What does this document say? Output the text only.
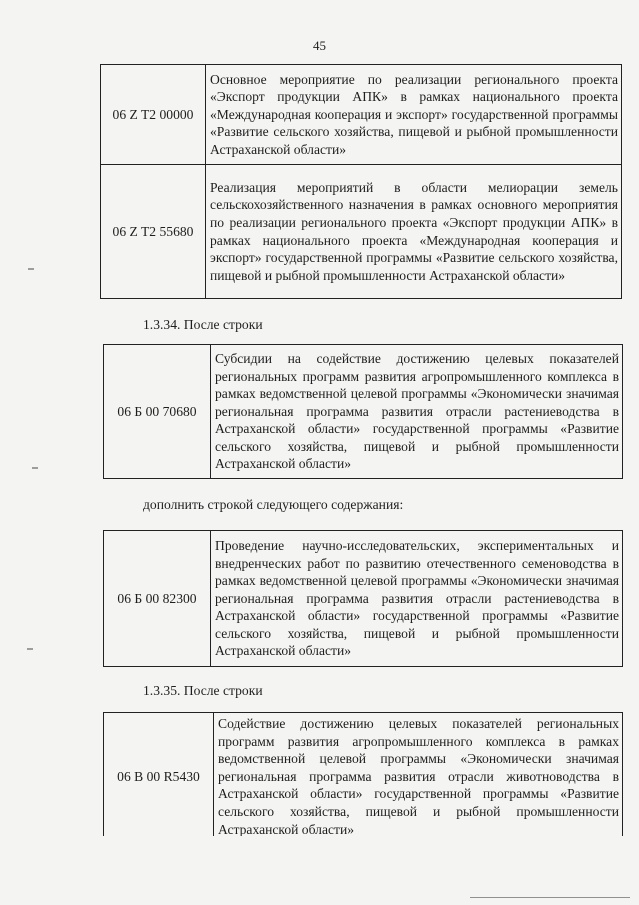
45
06 Z T2 00000	Основное мероприятие по реализации регионального проекта «Экспорт продукции АПК» в рамках национального проекта «Международная кооперация и экспорт» государственной программы «Развитие сельского хозяйства, пищевой и рыбной промышленности Астраханской области»
06 Z T2 55680	Реализация мероприятий в области мелиорации земель сельскохозяйственного назначения в рамках основного мероприятия по реализации регионального проекта «Экспорт продукции АПК» в рамках национального проекта «Международная кооперация и экспорт» государственной программы «Развитие сельского хозяйства, пищевой и рыбной промышленности Астраханской области»
1.3.34. После строки
06 Б 00 70680	Субсидии на содействие достижению целевых показателей региональных программ развития агропромышленного комплекса в рамках ведомственной целевой программы «Экономически значимая региональная программа развития отрасли растениеводства в Астраханской области» государственной программы «Развитие сельского хозяйства, пищевой и рыбной промышленности Астраханской области»
дополнить строкой следующего содержания:
06 Б 00 82300	Проведение научно-исследовательских, экспериментальных и внедренческих работ по развитию отечественного семеноводства в рамках ведомственной целевой программы «Экономически значимая региональная программа развития отрасли растениеводства в Астраханской области» государственной программы «Развитие сельского хозяйства, пищевой и рыбной промышленности Астраханской области»
1.3.35. После строки
06 В 00 R5430	Содействие достижению целевых показателей региональных программ развития агропромышленного комплекса в рамках ведомственной целевой программы «Экономически значимая региональная программа развития отрасли животноводства в Астраханской области» государственной программы «Развитие сельского хозяйства, пищевой и рыбной промышленности Астраханской области»
